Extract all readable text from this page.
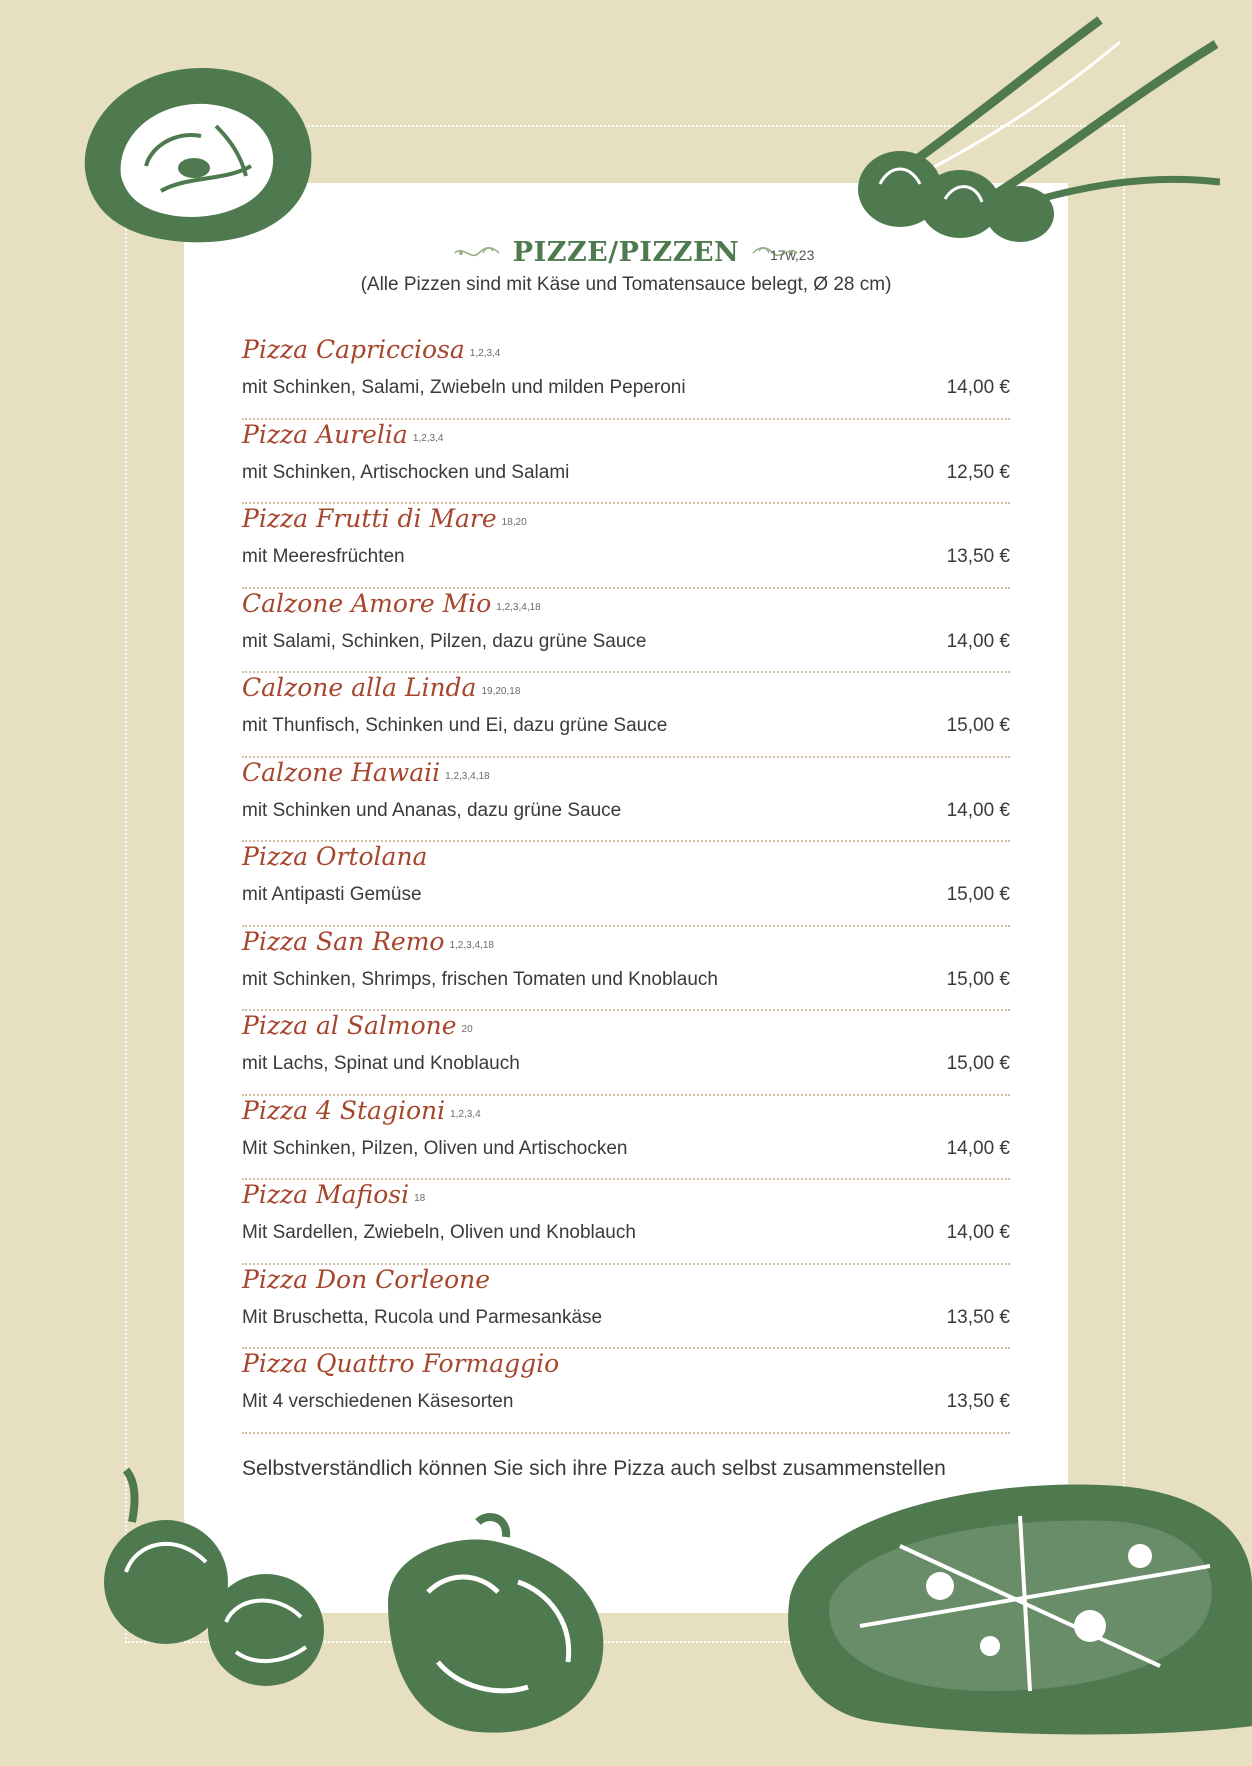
PIZZE/PIZZEN 17w,23
(Alle Pizzen sind mit Käse und Tomatensauce belegt, Ø 28 cm)
Pizza Capricciosa $^{1,2,3,4}$
mit Schinken, Salami, Zwiebeln und milden Peperoni	14,00 €
Pizza Aurelia $^{1,2,3,4}$
mit Schinken, Artischocken und Salami	12,50 €
Pizza Frutti di Mare $^{18,20}$
mit Meeresfrüchten	13,50 €
Calzone Amore Mio $^{1,2,3,4,18}$
mit Salami, Schinken, Pilzen, dazu grüne Sauce	14,00 €
Calzone alla Linda $^{19,20,18}$
mit Thunfisch, Schinken und Ei, dazu grüne Sauce	15,00 €
Calzone Hawaii $^{1,2,3,4,18}$
mit Schinken und Ananas, dazu grüne Sauce	14,00 €
Pizza Ortolana
mit Antipasti Gemüse	15,00 €
Pizza San Remo $^{1,2,3,4,18}$
mit Schinken, Shrimps, frischen Tomaten und Knoblauch	15,00 €
Pizza al Salmone $^{20}$
mit Lachs, Spinat und Knoblauch	15,00 €
Pizza 4 Stagioni $^{1,2,3,4}$
Mit Schinken, Pilzen, Oliven und Artischocken	14,00 €
Pizza Mafiosi $^{18}$
Mit Sardellen, Zwiebeln, Oliven und Knoblauch	14,00 €
Pizza Don Corleone
Mit Bruschetta, Rucola und Parmesankäse	13,50 €
Pizza Quattro Formaggio
Mit 4 verschiedenen Käsesorten	13,50 €
Selbstverständlich können Sie sich ihre Pizza auch selbst zusammenstellen
